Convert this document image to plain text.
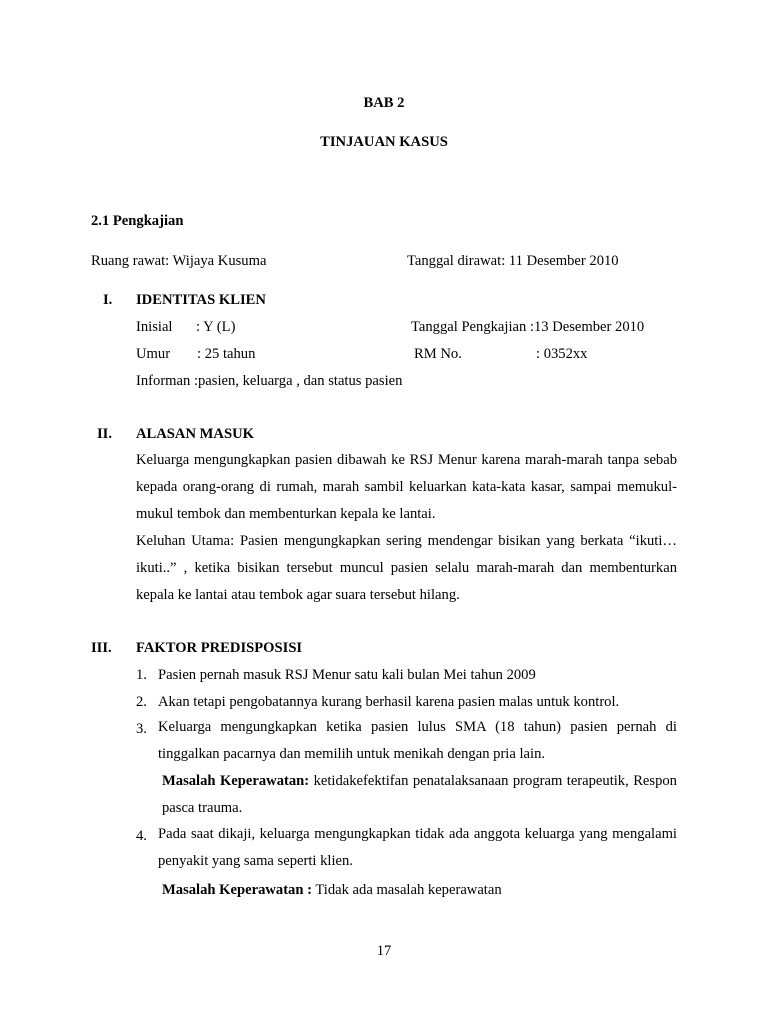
BAB 2
TINJAUAN KASUS
2.1 Pengkajian
Ruang rawat: Wijaya Kusuma	Tanggal dirawat: 11 Desember 2010
I. IDENTITAS KLIEN
Inisial : Y (L)	Tanggal Pengkajian :13 Desember 2010
Umur : 25 tahun	RM No.	: 0352xx
Informan :pasien, keluarga , dan status pasien
II. ALASAN MASUK

Keluarga mengungkapkan pasien dibawah ke RSJ Menur karena marah-marah tanpa sebab kepada orang-orang di rumah, marah sambil keluarkan kata-kata kasar, sampai memukul-mukul tembok dan membenturkan kepala ke lantai.

Keluhan Utama: Pasien mengungkapkan sering mendengar bisikan yang berkata “ikuti… ikuti..” , ketika bisikan tersebut muncul pasien selalu marah-marah dan membenturkan kepala ke lantai atau tembok agar suara tersebut hilang.

III. FAKTOR PREDISPOSISI
1. Pasien pernah masuk RSJ Menur satu kali bulan Mei tahun 2009
2. Akan tetapi pengobatannya kurang berhasil karena pasien malas untuk kontrol.
3. Keluarga mengungkapkan ketika pasien lulus SMA (18 tahun) pasien pernah di tinggalkan pacarnya dan memilih untuk menikah dengan pria lain.

Masalah Keperawatan: ketidakefektifan penatalaksanaan program terapeutik, Respon pasca trauma.

4. Pada saat dikaji, keluarga mengungkapkan tidak ada anggota keluarga yang mengalami penyakit yang sama seperti klien.

Masalah Keperawatan : Tidak ada masalah keperawatan
17
